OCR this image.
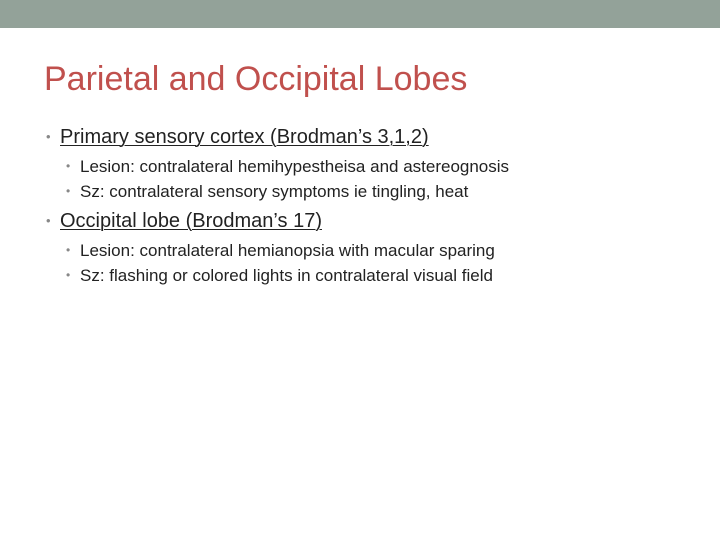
Parietal and Occipital Lobes
• Primary sensory cortex (Brodman’s 3,1,2)
• Lesion: contralateral hemihypestheisa and astereognosis
• Sz: contralateral sensory symptoms ie tingling, heat
• Occipital lobe (Brodman’s 17)
• Lesion: contralateral hemianopsia with macular sparing
• Sz: flashing or colored lights in contralateral visual field
